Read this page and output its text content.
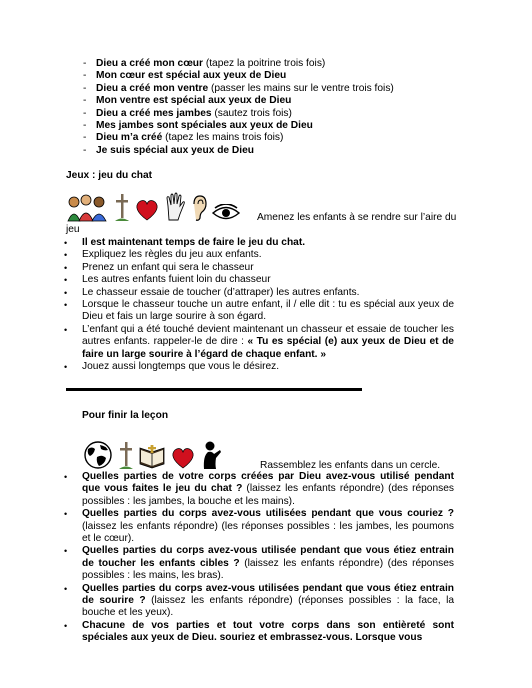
- Dieu a créé mon cœur (tapez la poitrine trois fois)
- Mon cœur est spécial aux yeux de Dieu
- Dieu a créé mon ventre (passer les mains sur le ventre trois fois)
- Mon ventre est spécial aux yeux de Dieu
- Dieu a créé mes jambes (sautez trois fois)
- Mes jambes sont spéciales aux yeux de Dieu
- Dieu m’a créé (tapez les mains trois fois)
- Je suis spécial aux yeux de Dieu
Jeux : jeu du chat
Amenez les enfants à se rendre sur l’aire du
jeu
•	Il est maintenant temps de faire le jeu du chat.
•	Expliquez les règles du jeu aux enfants.
•	Prenez un enfant qui sera le chasseur
•	Les autres enfants fuient loin du chasseur
•	Le chasseur essaie de toucher (d’attraper) les autres enfants.
•	Lorsque le chasseur touche un autre enfant, il / elle dit : tu es spécial aux yeux de Dieu et fais un large sourire à son égard.
•	L’enfant qui a été touché devient maintenant un chasseur et essaie de toucher les autres enfants. rappeler-le de dire : « Tu es spécial (e) aux yeux de Dieu et de faire un large sourire à l’égard de chaque enfant. »
•	Jouez aussi longtemps que vous le désirez.
Pour finir la leçon
Rassemblez les enfants dans un cercle.
•	Quelles parties de votre corps créées par Dieu avez-vous utilisé pendant que vous faites le jeu du chat ? (laissez les enfants répondre) (des réponses possibles : les jambes, la bouche et les mains).
•	Quelles parties du corps avez-vous utilisées pendant que vous couriez ? (laissez les enfants répondre) (les réponses possibles : les jambes, les poumons et le cœur).
•	Quelles parties du corps avez-vous utilisée pendant que vous étiez entrain de toucher les enfants cibles ? (laissez les enfants répondre) (des réponses possibles : les mains, les bras).
•	Quelles parties du corps avez-vous utilisées pendant que vous étiez entrain de sourire ? (laissez les enfants répondre) (réponses possibles : la face, la bouche et les yeux).
•	Chacune de vos parties et tout votre corps dans son entièreté sont spéciales aux yeux de Dieu. souriez et embrassez-vous. Lorsque vous
